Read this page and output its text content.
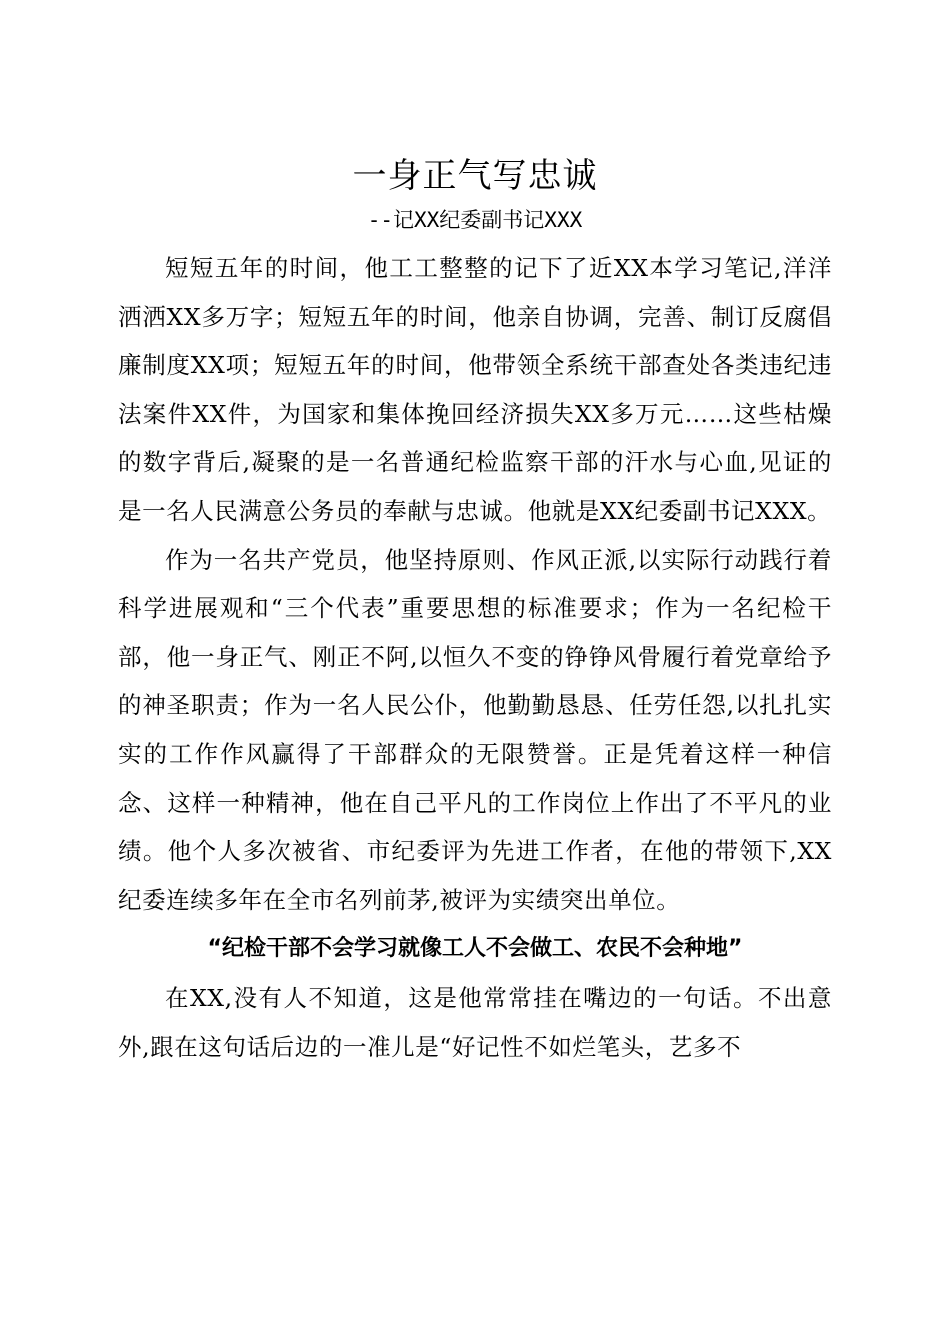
一身正气写忠诚
--记XX纪委副书记XXX

短短五年的时间，他工工整整的记下了近XX本学习笔记,洋洋洒洒XX多万字；短短五年的时间，他亲自协调，完善、制订反腐倡廉制度XX项；短短五年的时间，他带领全系统干部查处各类违纪违法案件XX件，为国家和集体挽回经济损失XX多万元……这些枯燥的数字背后,凝聚的是一名普通纪检监察干部的汗水与心血,见证的是一名人民满意公务员的奉献与忠诚。他就是XX纪委副书记XXX。

作为一名共产党员，他坚持原则、作风正派,以实际行动践行着科学进展观和“三个代表”重要思想的标准要求；作为一名纪检干部，他一身正气、刚正不阿,以恒久不变的铮铮风骨履行着党章给予的神圣职责；作为一名人民公仆，他勤勤恳恳、任劳任怨,以扎扎实实的工作作风赢得了干部群众的无限赞誉。正是凭着这样一种信念、这样一种精神，他在自己平凡的工作岗位上作出了不平凡的业绩。他个人多次被省、市纪委评为先进工作者，在他的带领下,XX纪委连续多年在全市名列前茅,被评为实绩突出单位。

“纪检干部不会学习就像工人不会做工、农民不会种地”

在XX,没有人不知道，这是他常常挂在嘴边的一句话。不出意外,跟在这句话后边的一准儿是“好记性不如烂笔头，艺多不
